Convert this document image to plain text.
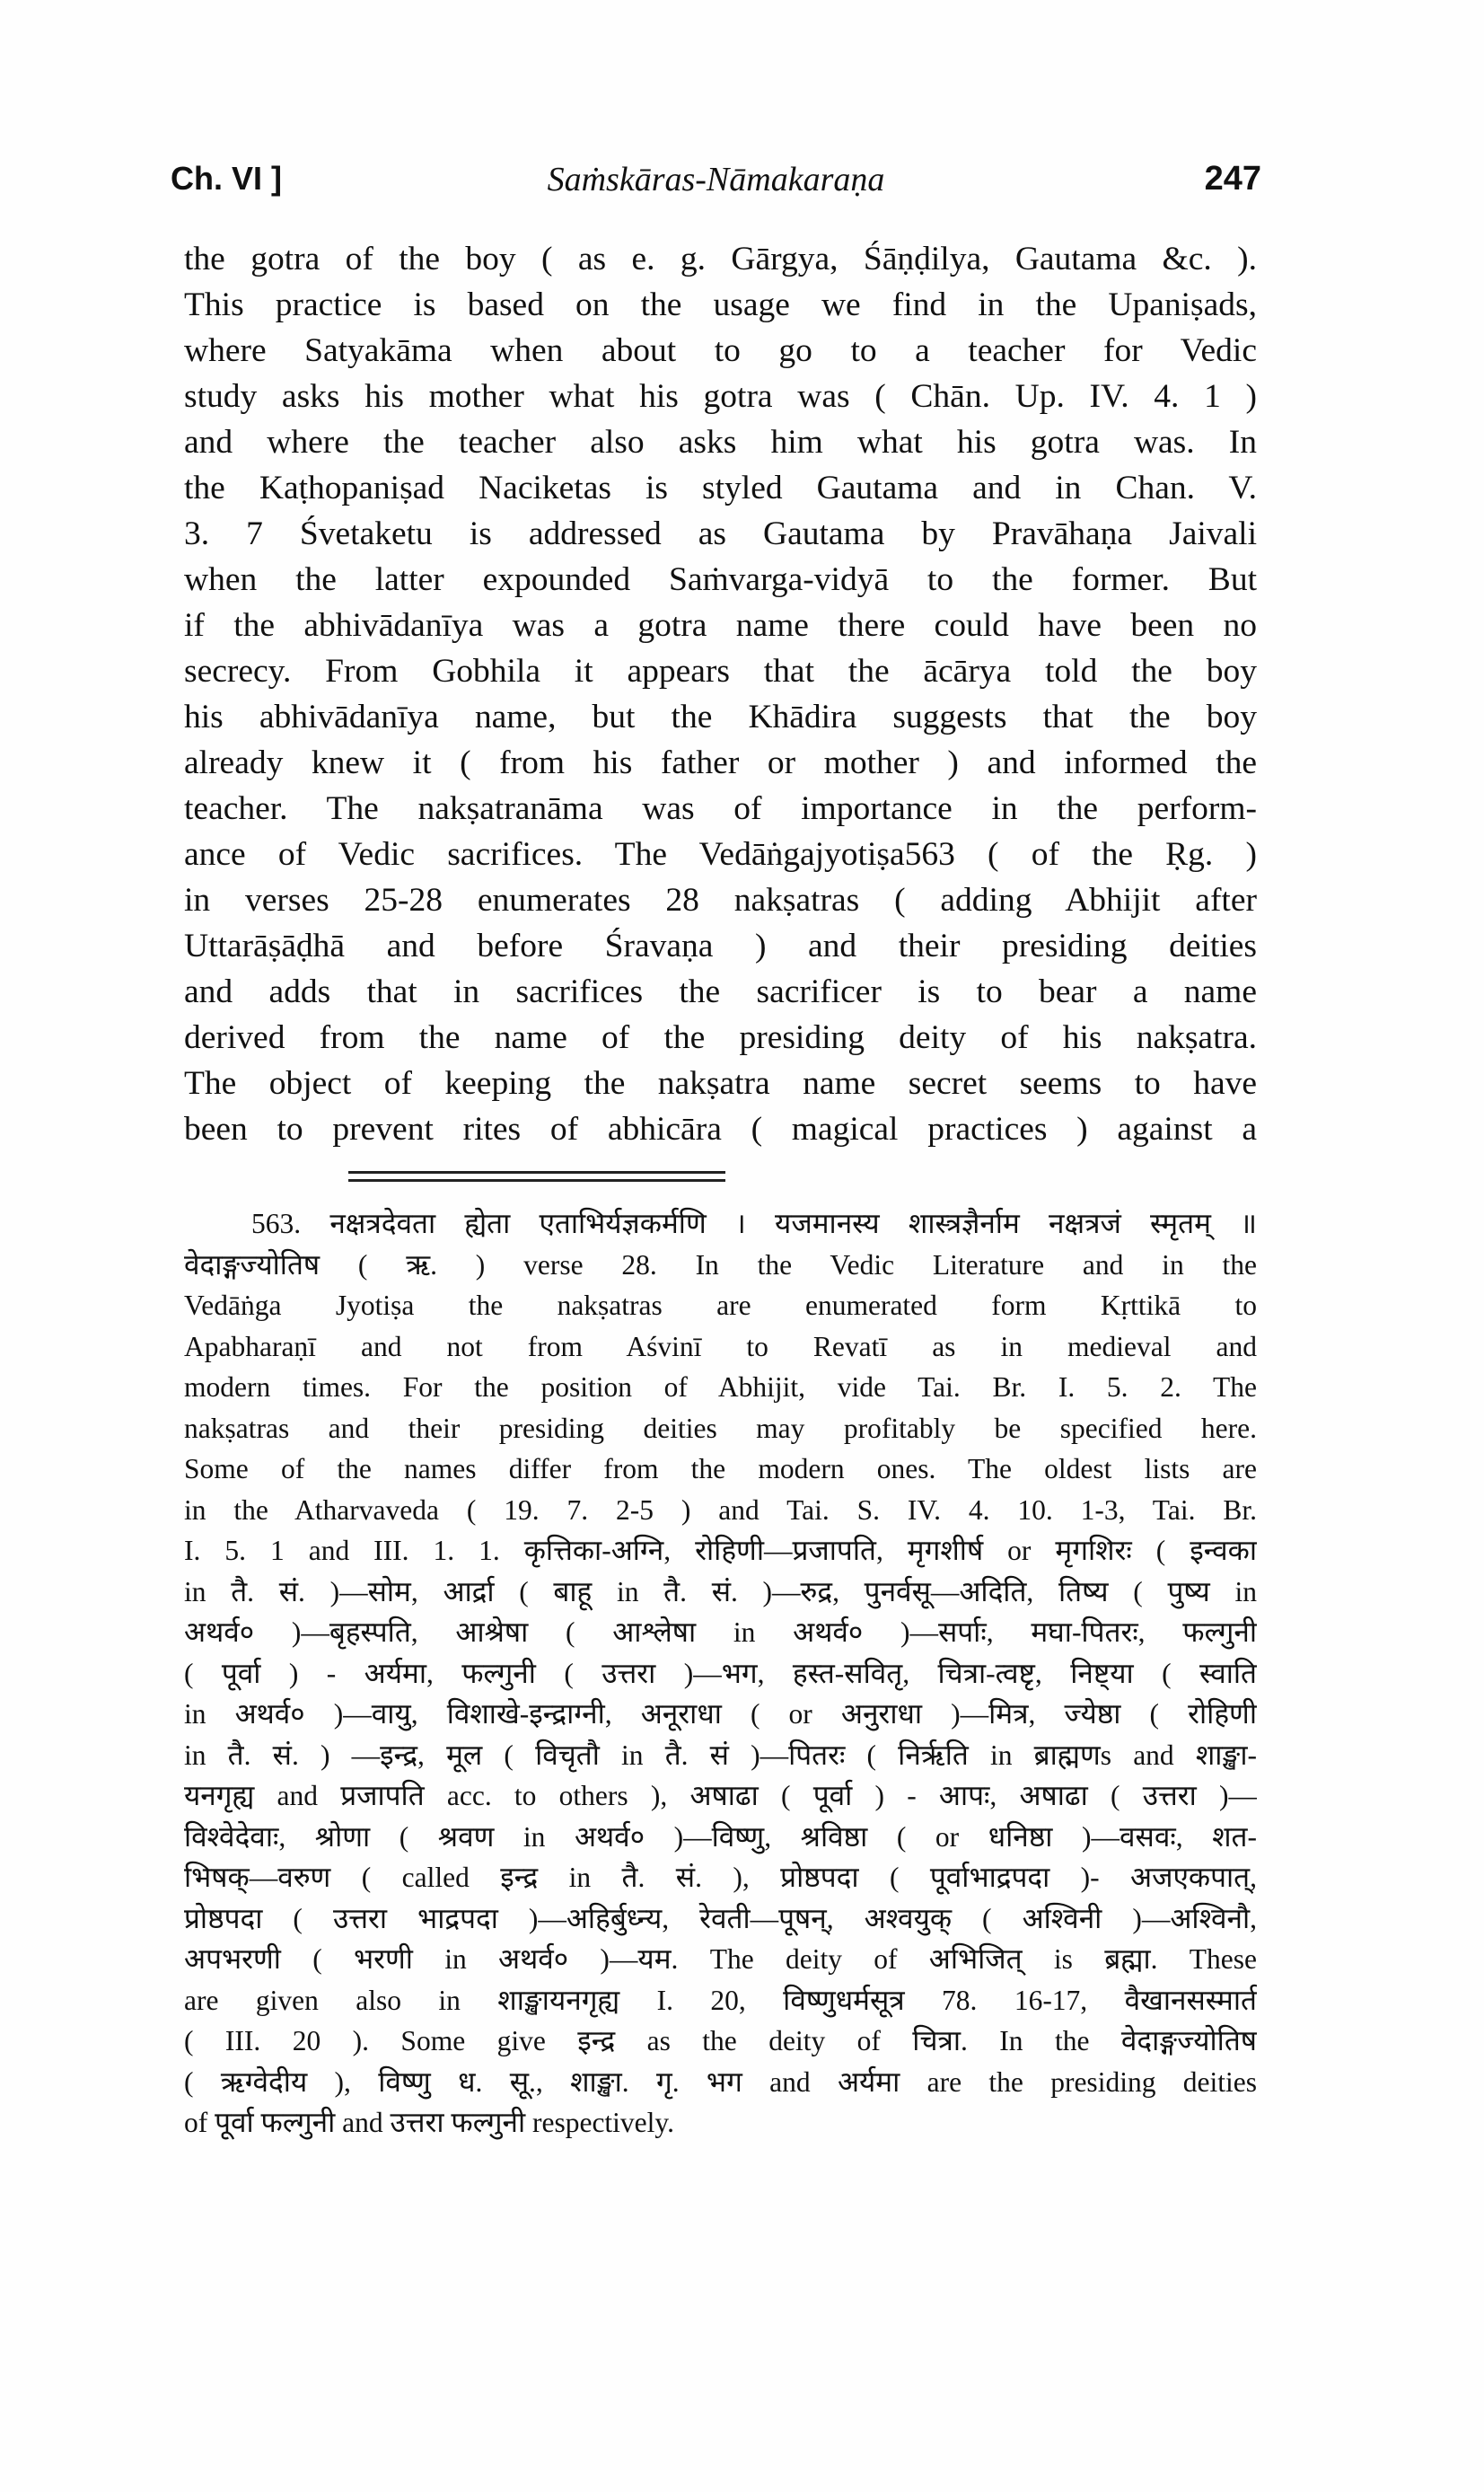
Ch. VI ]	Saṁskāras-Nāmakaraṇa	247
the gotra of the boy ( as e. g. Gārgya, Śāṇḍilya, Gautama &c. ).
This practice is based on the usage we find in the Upaniṣads,
where Satyakāma when about to go to a teacher for Vedic
study asks his mother what his gotra was ( Chān. Up. IV. 4. 1 )
and where the teacher also asks him what his gotra was. In
the Kaṭhopaniṣad Naciketas is styled Gautama and in Chan. V.
3. 7 Śvetaketu is addressed as Gautama by Pravāhaṇa Jaivali
when the latter expounded Saṁvarga-vidyā to the former. But
if the abhivādanīya was a gotra name there could have been no
secrecy. From Gobhila it appears that the ācārya told the boy
his abhivādanīya name, but the Khādira suggests that the boy
already knew it ( from his father or mother ) and informed the
teacher. The nakṣatranāma was of importance in the perform-
ance of Vedic sacrifices. The Vedāṅgajyotiṣa563 ( of the Ṛg. )
in verses 25-28 enumerates 28 nakṣatras ( adding Abhijit after
Uttarāṣāḍhā and before Śravaṇa ) and their presiding deities
and adds that in sacrifices the sacrificer is to bear a name
derived from the name of the presiding deity of his nakṣatra.
The object of keeping the nakṣatra name secret seems to have
been to prevent rites of abhicāra ( magical practices ) against a
563. नक्षत्रदेवता ह्येता एताभिर्यज्ञकर्मणि । यजमानस्य शास्त्रज्ञैर्नाम नक्षत्रजं स्मृतम् ॥
वेदाङ्गज्योतिष ( ऋ. ) verse 28. In the Vedic Literature and in the
Vedāṅga Jyotiṣa the nakṣatras are enumerated form Kṛttikā to
Apabharaṇī and not from Aśvinī to Revatī as in medieval and
modern times. For the position of Abhijit, vide Tai. Br. I. 5. 2. The
nakṣatras and their presiding deities may profitably be specified here.
Some of the names differ from the modern ones. The oldest lists are
in the Atharvaveda ( 19. 7. 2-5 ) and Tai. S. IV. 4. 10. 1-3, Tai. Br.
I. 5. 1 and III. 1. 1. कृत्तिका-अग्नि, रोहिणी—प्रजापति, मृगशीर्ष or मृगशिरः ( इन्वका
in तै. सं. )—सोम, आर्द्रा ( बाहू in तै. सं. )—रुद्र, पुनर्वसू—अदिति, तिष्य ( पुष्य in
अथर्व० )—बृहस्पति, आश्रेषा ( आश्लेषा in अथर्व० )—सर्पाः, मघा-पितरः, फल्गुनी
( पूर्वा ) - अर्यमा, फल्गुनी ( उत्तरा )—भग, हस्त-सवितृ, चित्रा-त्वष्टृ, निष्ट्या ( स्वाति
in अथर्व० )—वायु, विशाखे-इन्द्राग्नी, अनूराधा ( or अनुराधा )—मित्र, ज्येष्ठा ( रोहिणी
in तै. सं. ) —इन्द्र, मूल ( विचृतौ in तै. सं )—पितरः ( निर्ऋति in ब्राह्मणs and शाङ्खा-
यनगृह्य and प्रजापति acc. to others ), अषाढा ( पूर्वा ) - आपः, अषाढा ( उत्तरा )—
विश्वेदेवाः, श्रोणा ( श्रवण in अथर्व० )—विष्णु, श्रविष्ठा ( or धनिष्ठा )—वसवः, शत-
भिषक्—वरुण ( called इन्द्र in तै. सं. ), प्रोष्ठपदा ( पूर्वाभाद्रपदा )- अजएकपात्,
प्रोष्ठपदा ( उत्तरा भाद्रपदा )—अहिर्बुध्न्य, रेवती—पूषन्, अश्वयुक् ( अश्विनी )—अश्विनौ,
अपभरणी ( भरणी in अथर्व० )—यम. The deity of अभिजित् is ब्रह्मा. These
are given also in शाङ्खायनगृह्य I. 20, विष्णुधर्मसूत्र 78. 16-17, वैखानसस्मार्त
( III. 20 ). Some give इन्द्र as the deity of चित्रा. In the वेदाङ्गज्योतिष
( ऋग्वेदीय ), विष्णु ध. सू., शाङ्खा. गृ. भग and अर्यमा are the presiding deities
of पूर्वा फल्गुनी and उत्तरा फल्गुनी respectively.
